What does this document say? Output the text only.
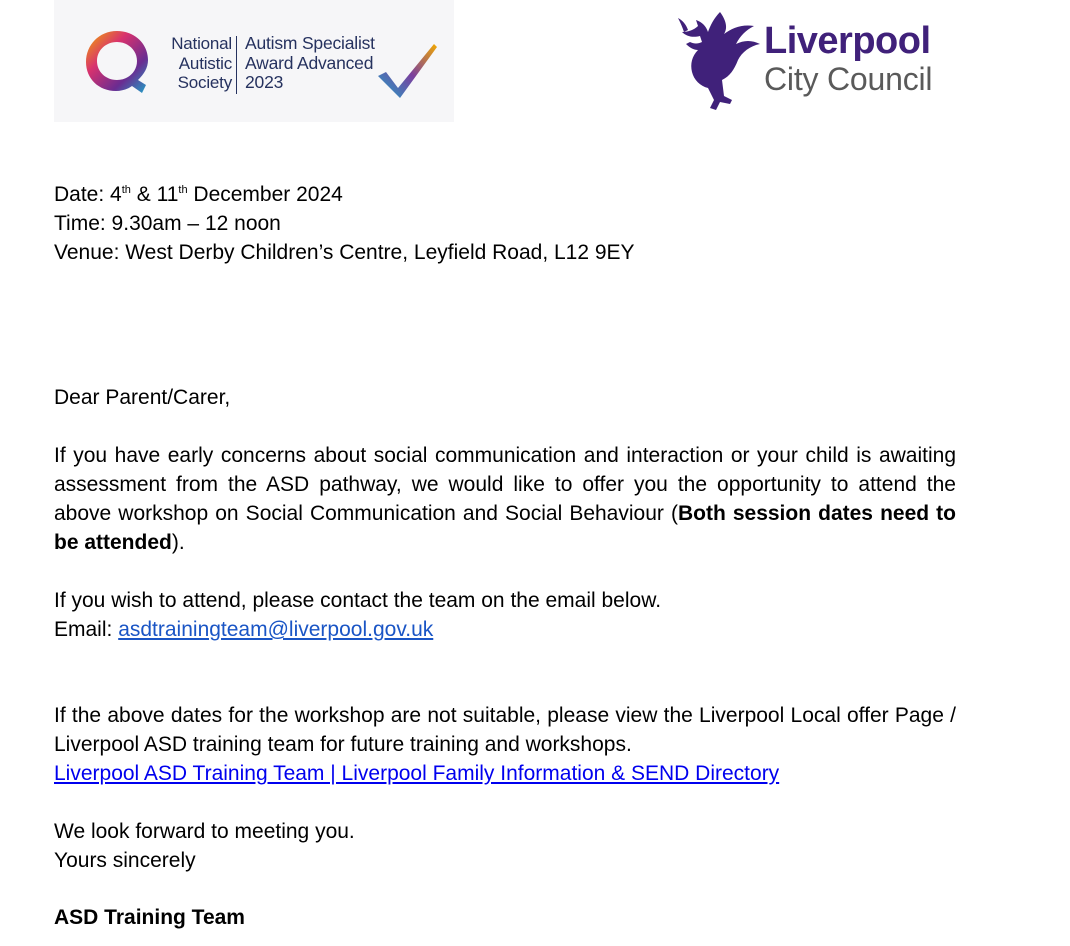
National
Autistic
Society
Autism Specialist
Award Advanced
2023
Liverpool
City Council

Date: 4th & 11th December 2024

Time: 9.30am – 12 noon

Venue: West Derby Children’s Centre, Leyfield Road, L12 9EY

Dear Parent/Carer,

If you have early concerns about social communication and interaction or your child is awaiting assessment from the ASD pathway, we would like to offer you the opportunity to attend the above workshop on Social Communication and Social Behaviour (Both session dates need to be attended).

If you wish to attend, please contact the team on the email below.

Email: asdtrainingteam@liverpool.gov.uk

If the above dates for the workshop are not suitable, please view the Liverpool Local offer Page / Liverpool ASD training team for future training and workshops.
Liverpool ASD Training Team | Liverpool Family Information & SEND Directory

We look forward to meeting you.

Yours sincerely

ASD Training Team
